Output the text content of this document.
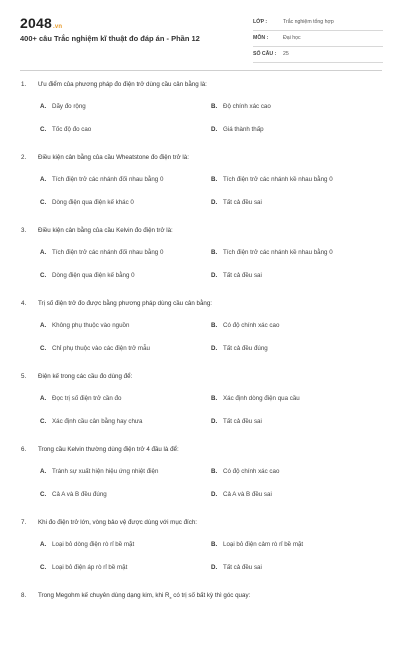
2048.vn
400+ câu Trắc nghiệm kĩ thuật đo đáp án - Phần 12
LỚP :	Trắc nghiệm tổng hợp
MÔN :	Đại học
SỐ CÂU : 25
1. Ưu điểm của phương pháp đo điện trở dùng cầu cân bằng là:
A. Dãy đo rộng	B. Độ chính xác cao
C. Tốc độ đo cao	D. Giá thành thấp
2. Điều kiện cân bằng của cầu Wheatstone đo điện trở là:
A. Tích điện trở các nhánh đối nhau bằng 0	B. Tích điện trở các nhánh kề nhau bằng 0
C. Dòng điện qua điện kế khác 0	D. Tất cả đều sai
3. Điều kiện cân bằng của cầu Kelvin đo điện trở là:
A. Tích điện trở các nhánh đối nhau bằng 0	B. Tích điện trở các nhánh kề nhau bằng 0
C. Dòng điện qua điện kế bằng 0	D. Tất cả đều sai
4. Trị số điện trở đo được bằng phương pháp dùng cầu cân bằng:
A. Không phụ thuộc vào nguồn	B. Có độ chính xác cao
C. Chỉ phụ thuộc vào các điện trở mẫu	D. Tất cả đều đúng
5. Điện kế trong các cầu đo dùng để:
A. Đọc trị số điện trở cần đo	B. Xác định dòng điện qua cầu
C. Xác định cầu cân bằng hay chưa	D. Tất cả đều sai
6. Trong cầu Kelvin thường dùng điện trở 4 đầu là để:
A. Tránh sự xuất hiện hiệu ứng nhiệt điện	B. Có độ chính xác cao
C. Cả A và B đều đúng	D. Cả A và B đều sai
7. Khi đo điện trở lớn, vòng bảo vệ được dùng với mục đích:
A. Loại bỏ dòng điện rò rỉ bề mặt	B. Loại bỏ điện cảm rò rỉ bề mặt
C. Loại bỏ điện áp rò rỉ bề mặt	D. Tất cả đều sai
8. Trong Megohm kế chuyên dùng dạng kim, khi $R_x$ có trị số bất kỳ thì góc quay:
